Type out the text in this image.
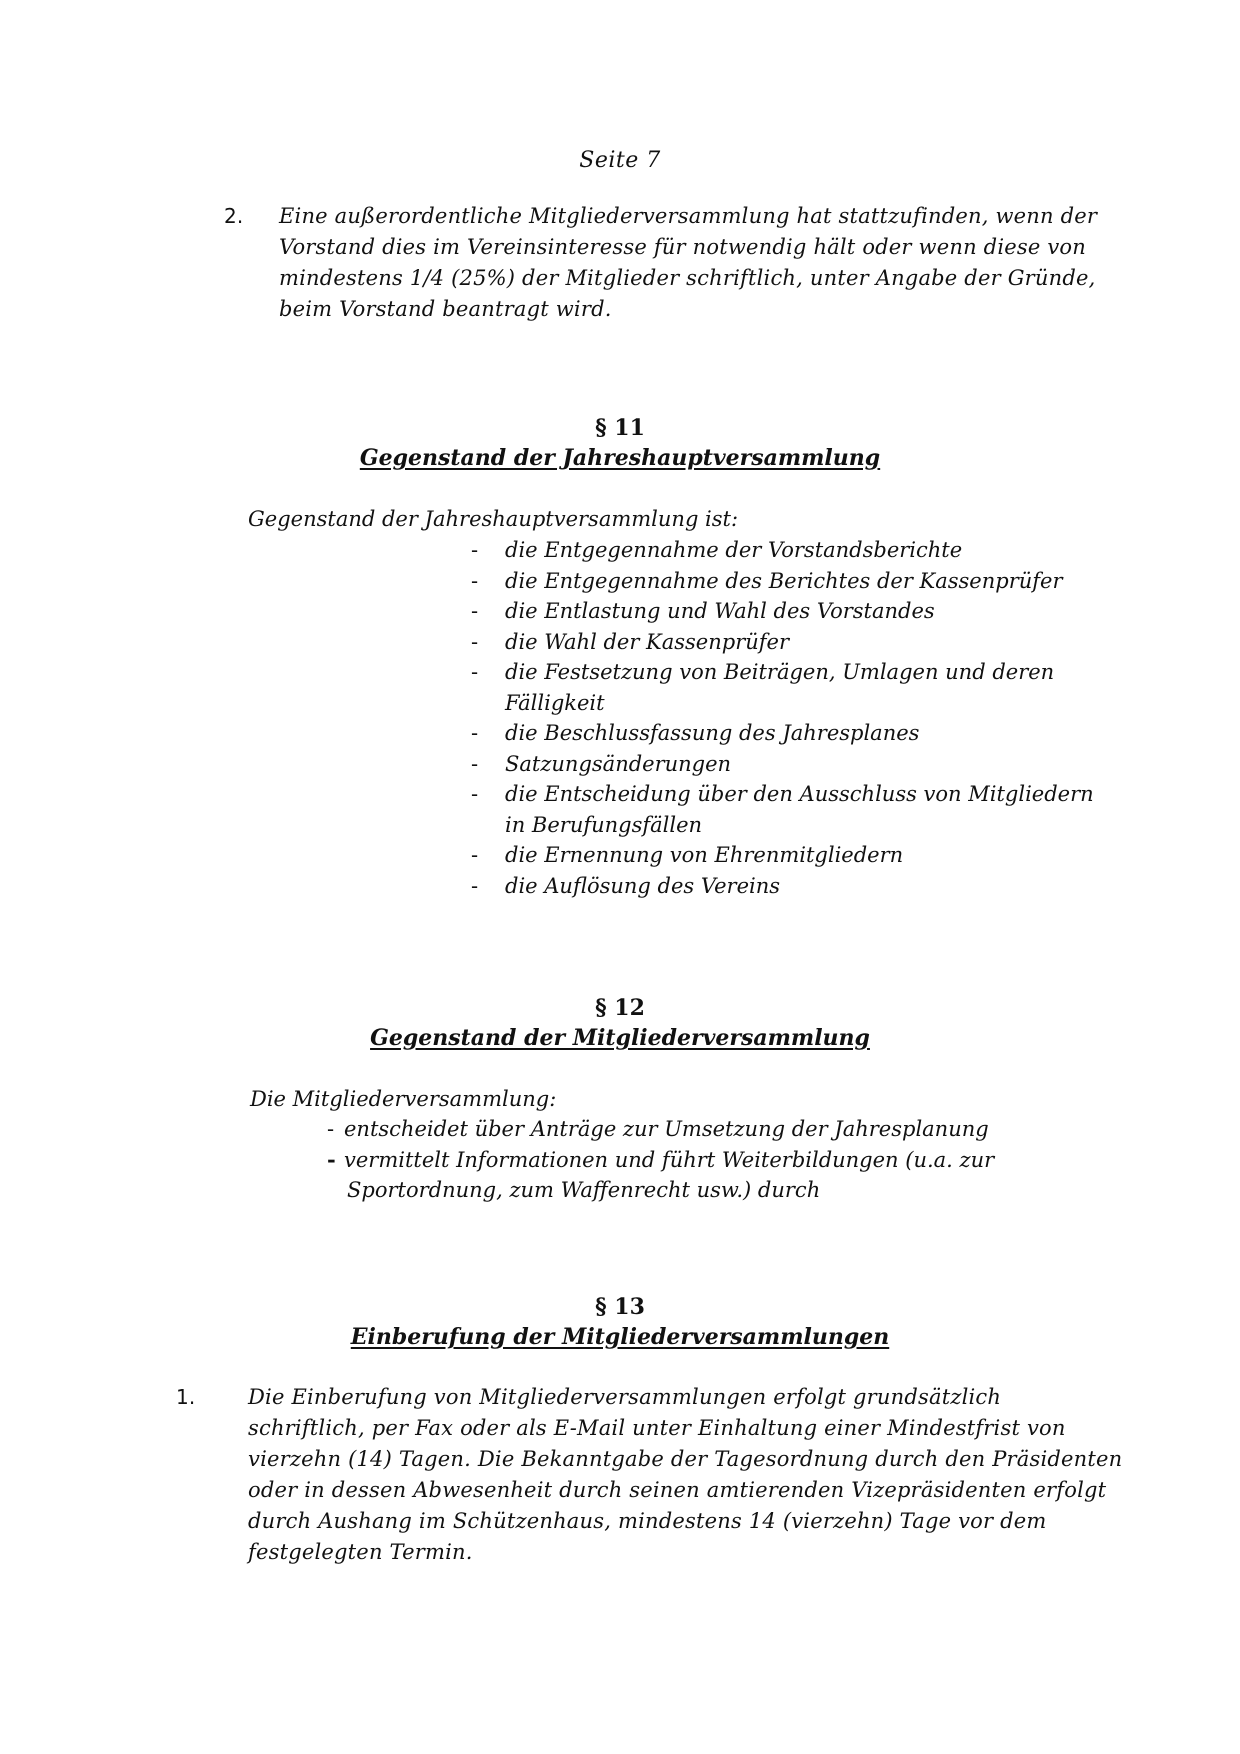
Seite 7
2. Eine außerordentliche Mitgliederversammlung hat stattzufinden, wenn der
Vorstand dies im Vereinsinteresse für notwendig hält oder wenn diese von
mindestens 1/4 (25%) der Mitglieder schriftlich, unter Angabe der Gründe,
beim Vorstand beantragt wird.
§ 11
Gegenstand der Jahreshauptversammlung
Gegenstand der Jahreshauptversammlung ist:
- die Entgegennahme der Vorstandsberichte
- die Entgegennahme des Berichtes der Kassenprüfer
- die Entlastung und Wahl des Vorstandes
- die Wahl der Kassenprüfer
- die Festsetzung von Beiträgen, Umlagen und deren
Fälligkeit
- die Beschlussfassung des Jahresplanes
- Satzungsänderungen
- die Entscheidung über den Ausschluss von Mitgliedern
in Berufungsfällen
- die Ernennung von Ehrenmitgliedern
- die Auflösung des Vereins
§ 12
Gegenstand der Mitgliederversammlung
Die Mitgliederversammlung:
- entscheidet über Anträge zur Umsetzung der Jahresplanung
- vermittelt Informationen und führt Weiterbildungen (u.a. zur
Sportordnung, zum Waffenrecht usw.) durch
§ 13
Einberufung der Mitgliederversammlungen
1.	Die Einberufung von Mitgliederversammlungen erfolgt grundsätzlich
schriftlich, per Fax oder als E-Mail unter Einhaltung einer Mindestfrist von
vierzehn (14) Tagen. Die Bekanntgabe der Tagesordnung durch den Präsidenten
oder in dessen Abwesenheit durch seinen amtierenden Vizepräsidenten erfolgt
durch Aushang im Schützenhaus, mindestens 14 (vierzehn) Tage vor dem
festgelegten Termin.
